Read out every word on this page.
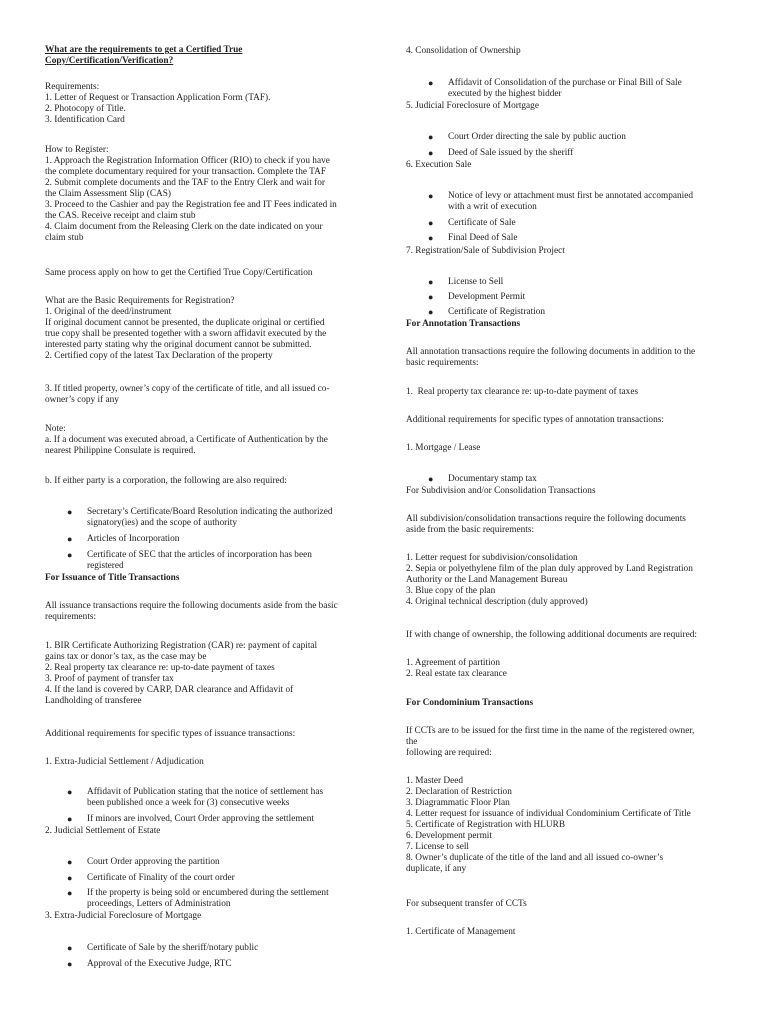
What are the requirements to get a Certified True
Copy/Certification/Verification?
Requirements:
1. Letter of Request or Transaction Application Form (TAF).
2. Photocopy of Title.
3. Identification Card
How to Register:
1. Approach the Registration Information Officer (RIO) to check if you have
the complete documentary required for your transaction. Complete the TAF
2. Submit complete documents and the TAF to the Entry Clerk and wait for
the Claim Assessment Slip (CAS)
3. Proceed to the Cashier and pay the Registration fee and IT Fees indicated in
the CAS. Receive receipt and claim stub
4. Claim document from the Releasing Clerk on the date indicated on your
claim stub
Same process apply on how to get the Certified True Copy/Certification
What are the Basic Requirements for Registration?
1. Original of the deed/instrument
If original document cannot be presented, the duplicate original or certified
true copy shall be presented together with a sworn affidavit executed by the
interested party stating why the original document cannot be submitted.
2. Certified copy of the latest Tax Declaration of the property
3. If titled property, owner’s copy of the certificate of title, and all issued co-
owner’s copy if any
Note:
a. If a document was executed abroad, a Certificate of Authentication by the
nearest Philippine Consulate is required.
b. If either party is a corporation, the following are also required:
● Secretary’s Certificate/Board Resolution indicating the authorized
signatory(ies) and the scope of authority
● Articles of Incorporation
● Certificate of SEC that the articles of incorporation has been
registered
For Issuance of Title Transactions
All issuance transactions require the following documents aside from the basic
requirements:
1. BIR Certificate Authorizing Registration (CAR) re: payment of capital
gains tax or donor’s tax, as the case may be
2. Real property tax clearance re: up-to-date payment of taxes
3. Proof of payment of transfer tax
4. If the land is covered by CARP, DAR clearance and Affidavit of
Landholding of transferee
Additional requirements for specific types of issuance transactions:
1. Extra-Judicial Settlement / Adjudication
● Affidavit of Publication stating that the notice of settlement has
been published once a week for (3) consecutive weeks
● If minors are involved, Court Order approving the settlement
2. Judicial Settlement of Estate
● Court Order approving the partition
● Certificate of Finality of the court order
● If the property is being sold or encumbered during the settlement
proceedings, Letters of Administration
3. Extra-Judicial Foreclosure of Mortgage
● Certificate of Sale by the sheriff/notary public
● Approval of the Executive Judge, RTC
4. Consolidation of Ownership
● Affidavit of Consolidation of the purchase or Final Bill of Sale
executed by the highest bidder
5. Judicial Foreclosure of Mortgage
● Court Order directing the sale by public auction
● Deed of Sale issued by the sheriff
6. Execution Sale
● Notice of levy or attachment must first be annotated accompanied
with a writ of execution
● Certificate of Sale
● Final Deed of Sale
7. Registration/Sale of Subdivision Project
● License to Sell
● Development Permit
● Certificate of Registration
For Annotation Transactions
All annotation transactions require the following documents in addition to the
basic requirements:
1.  Real property tax clearance re: up-to-date payment of taxes
Additional requirements for specific types of annotation transactions:
1. Mortgage / Lease
● Documentary stamp tax
For Subdivision and/or Consolidation Transactions
All subdivision/consolidation transactions require the following documents
aside from the basic requirements:
1. Letter request for subdivision/consolidation
2. Sepia or polyethylene film of the plan duly approved by Land Registration
Authority or the Land Management Bureau
3. Blue copy of the plan
4. Original technical description (duly approved)
If with change of ownership, the following additional documents are required:
1. Agreement of partition
2. Real estate tax clearance
For Condominium Transactions
If CCTs are to be issued for the first time in the name of the registered owner,
the
following are required:
1. Master Deed
2. Declaration of Restriction
3. Diagrammatic Floor Plan
4. Letter request for issuance of individual Condominium Certificate of Title
5. Certificate of Registration with HLURB
6. Development permit
7. License to sell
8. Owner’s duplicate of the title of the land and all issued co-owner’s
duplicate, if any
For subsequent transfer of CCTs
1. Certificate of Management
